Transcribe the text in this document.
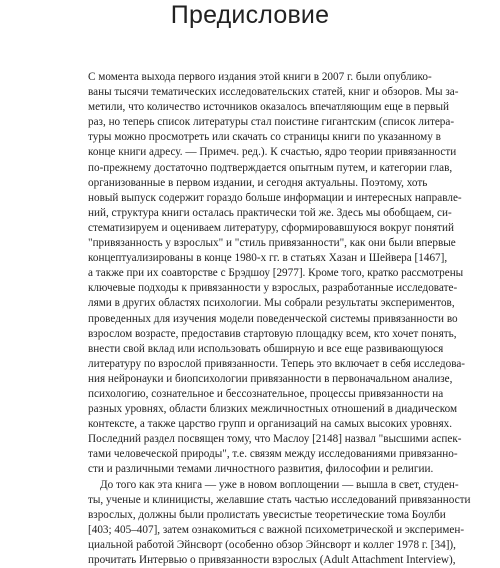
Предисловие

С момента выхода первого издания этой книги в 2007 г. были опублико-
ваны тысячи тематических исследовательских статей, книг и обзоров. Мы за-
метили, что количество источников оказалось впечатляющим еще в первый
раз, но теперь список литературы стал поистине гигантским (список литера-
туры можно просмотреть или скачать со страницы книги по указанному в
конце книги адресу. — Примеч. ред.). К счастью, ядро теории привязанности
по-прежнему достаточно подтверждается опытным путем, и категории глав,
организованные в первом издании, и сегодня актуальны. Поэтому, хоть
новый выпуск содержит гораздо больше информации и интересных направле-
ний, структура книги осталась практически той же. Здесь мы обобщаем, си-
стематизируем и оцениваем литературу, сформировавшуюся вокруг понятий
"привязанность у взрослых" и "стиль привязанности", как они были впервые
концептуализированы в конце 1980-х гг. в статьях Хазан и Шейвера [1467],
а также при их соавторстве с Брэдшоу [2977]. Кроме того, кратко рассмотрены
ключевые подходы к привязанности у взрослых, разработанные исследовате-
лями в других областях психологии. Мы собрали результаты экспериментов,
проведенных для изучения модели поведенческой системы привязанности во
взрослом возрасте, предоставив стартовую площадку всем, кто хочет понять,
внести свой вклад или использовать обширную и все еще развивающуюся
литературу по взрослой привязанности. Теперь это включает в себя исследова-
ния нейронауки и биопсихологии привязанности в первоначальном анализе,
психологию, сознательное и бессознательное, процессы привязанности на
разных уровнях, области близких межличностных отношений в диадическом
контексте, а также царство групп и организаций на самых высоких уровнях.
Последний раздел посвящен тому, что Маслоу [2148] назвал "высшими аспек-
тами человеческой природы", т.е. связям между исследованиями привязанно-
сти и различными темами личностного развития, философии и религии.

До того как эта книга — уже в новом воплощении — вышла в свет, студен-
ты, ученые и клиницисты, желавшие стать частью исследований привязанности
взрослых, должны были пролистать увесистые теоретические тома Боулби
[403; 405–407], затем ознакомиться с важной психометрической и эксперимен-
циальной работой Эйнсворт (особенно обзор Эйнсворт и коллег 1978 г. [34]),
прочитать Интервью о привязанности взрослых (Adult Attachment Interview),
